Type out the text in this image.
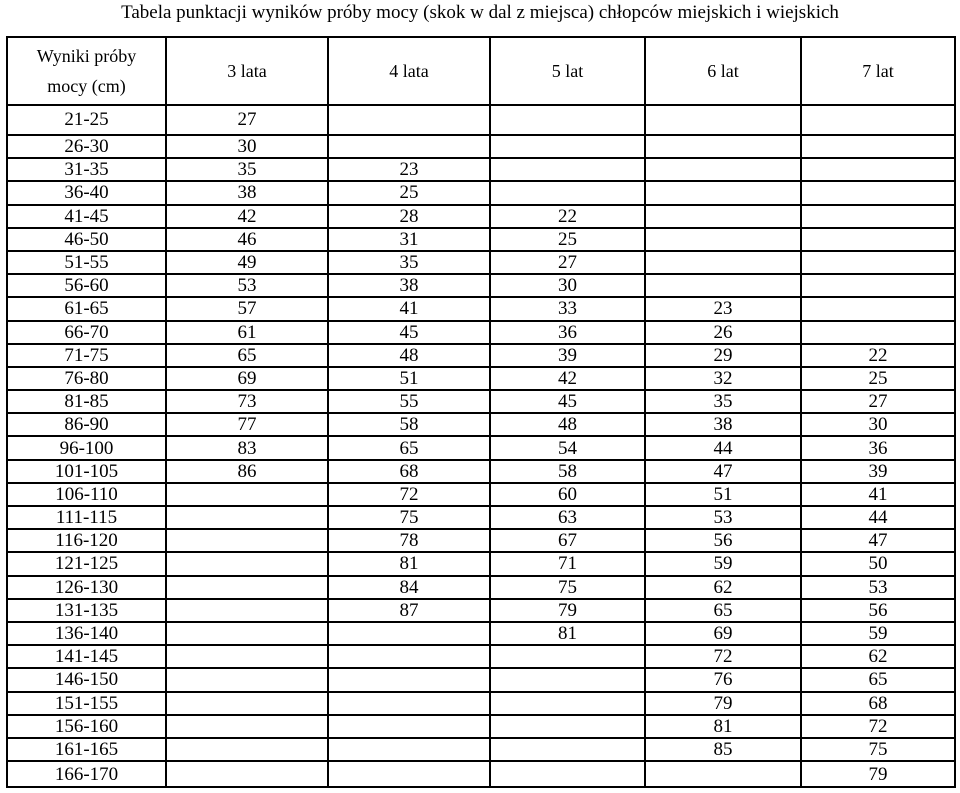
Tabela punktacji wyników próby mocy (skok w dal z miejsca) chłopców miejskich i wiejskich
Wyniki próby
mocy (cm)	3 lata	4 lata	5 lat	6 lat	7 lat
21-25	27				
26-30	30				
31-35	35	23			
36-40	38	25			
41-45	42	28	22		
46-50	46	31	25		
51-55	49	35	27		
56-60	53	38	30		
61-65	57	41	33	23	
66-70	61	45	36	26	
71-75	65	48	39	29	22
76-80	69	51	42	32	25
81-85	73	55	45	35	27
86-90	77	58	48	38	30
96-100	83	65	54	44	36
101-105	86	68	58	47	39
106-110		72	60	51	41
111-115		75	63	53	44
116-120		78	67	56	47
121-125		81	71	59	50
126-130		84	75	62	53
131-135		87	79	65	56
136-140			81	69	59
141-145				72	62
146-150				76	65
151-155				79	68
156-160				81	72
161-165				85	75
166-170					79
